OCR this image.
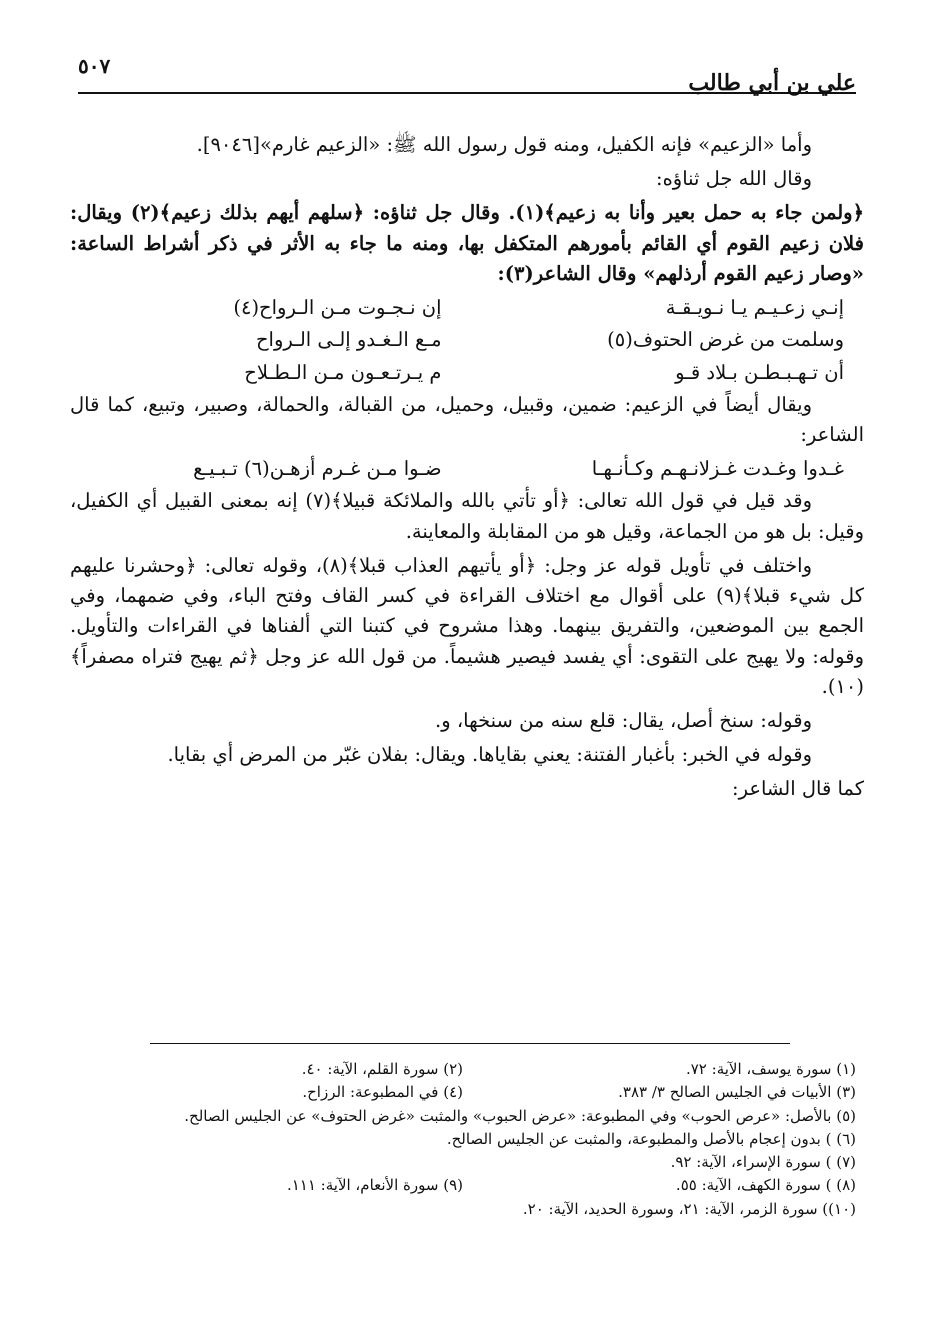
علي بن أبي طالب
٥٠٧

وأما «الزعيم» فإنه الكفيل، ومنه قول رسول الله ﷺ: «الزعيم غارم»[٩٠٤٦].

وقال الله جل ثناؤه:

﴿ولمن جاء به حمل بعير وأنا به زعيم﴾(١). وقال جل ثناؤه: ﴿سلهم أيهم بذلك زعيم﴾(٢) ويقال: فلان زعيم القوم أي القائم بأمورهم المتكفل بها، ومنه ما جاء به الأثر في ذكر أشراط الساعة: «وصار زعيم القوم أرذلهم» وقال الشاعر(٣):

إنـي زعـيـم يـا نـويـقـة
إن نـجـوت مـن الـرواح(٤)
وسلمت من غرض الحتوف(٥)
مـع الـغـدو إلـى الـرواح
أن تـهـبـطـن بـلاد قـو
م يـرتـعـون مـن الـطـلاح

ويقال أيضاً في الزعيم: ضمين، وقبيل، وحميل، من القبالة، والحمالة، وصبير، وتبيع، كما قال الشاعر:

غـدوا وغـدت غـزلانـهـم وكـأنـهـا
ضـوا مـن غـرم أزهـن(٦) تـبـيـع

وقد قيل في قول الله تعالى: ﴿أو تأتي بالله والملائكة قبيلا﴾(٧) إنه بمعنى القبيل أي الكفيل، وقيل: بل هو من الجماعة، وقيل هو من المقابلة والمعاينة.

واختلف في تأويل قوله عز وجل: ﴿أو يأتيهم العذاب قبلا﴾(٨)، وقوله تعالى: ﴿وحشرنا عليهم كل شيء قبلا﴾(٩) على أقوال مع اختلاف القراءة في كسر القاف وفتح الباء، وفي ضمهما، وفي الجمع بين الموضعين، والتفريق بينهما. وهذا مشروح في كتبنا التي ألفناها في القراءات والتأويل. وقوله: ولا يهيج على التقوى: أي يفسد فيصير هشيماً. من قول الله عز وجل ﴿ثم يهيج فتراه مصفراً﴾(١٠).

وقوله: سنخ أصل، يقال: قلع سنه من سنخها، و.

وقوله في الخبر: بأغبار الفتنة: يعني بقاياها. ويقال: بفلان غبّر من المرض أي بقايا.

كما قال الشاعر:

(١) سورة يوسف، الآية: ٧٢.
(٢) سورة القلم، الآية: ٤٠.
(٣) الأبيات في الجليس الصالح ٣/ ٣٨٣.
(٤) في المطبوعة: الرزاح.
(٥) بالأصل: «عرص الحوب» وفي المطبوعة: «عرض الحبوب» والمثبت «غرض الحتوف» عن الجليس الصالح.
(٦) ) بدون إعجام بالأصل والمطبوعة، والمثبت عن الجليس الصالح.
(٧) ) سورة الإسراء، الآية: ٩٢.
(٨) ) سورة الكهف، الآية: ٥٥.
(٩) سورة الأنعام، الآية: ١١١.
(١٠)) سورة الزمر، الآية: ٢١، وسورة الحديد، الآية: ٢٠.
